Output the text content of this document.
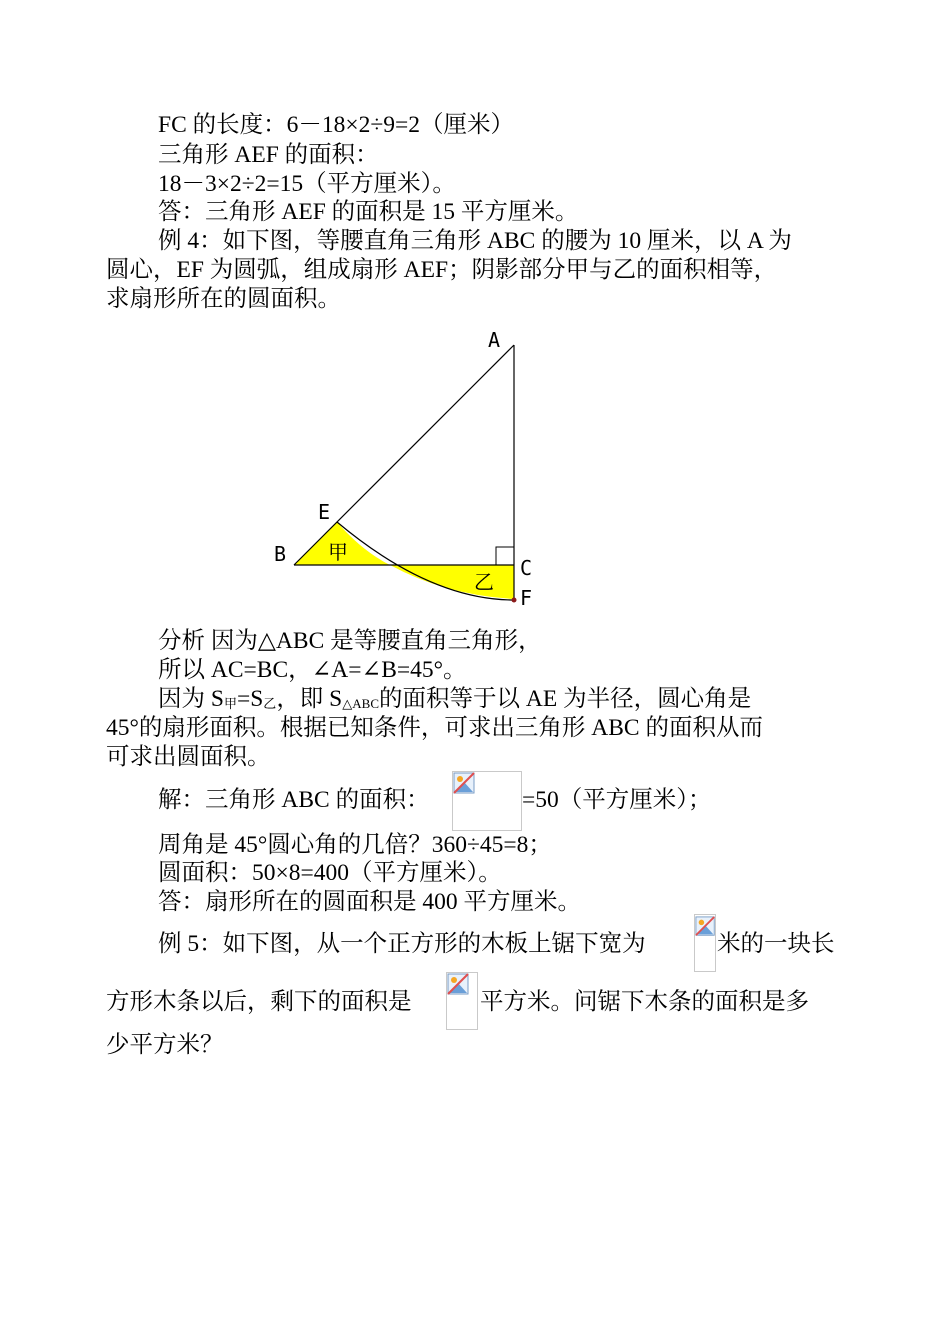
FC 的长度：6－18×2÷9=2（厘米）
三角形 AEF 的面积：
18－3×2÷2=15（平方厘米）。
答：三角形 AEF 的面积是 15 平方厘米。
例 4：如下图，等腰直角三角形 ABC 的腰为 10 厘米，以 A 为
圆心，EF 为圆弧，组成扇形 AEF；阴影部分甲与乙的面积相等，
求扇形所在的圆面积。
A
B
C
E
F
甲
乙
分析 因为△ABC 是等腰直角三角形，
所以 AC=BC，∠A=∠B=45°。
因为 S甲=S乙，即 S△ABC的面积等于以 AE 为半径，圆心角是
45°的扇形面积。根据已知条件，可求出三角形 ABC 的面积从而
可求出圆面积。
解：三角形 ABC 的面积：	=50（平方厘米）；
周角是 45°圆心角的几倍？360÷45=8；
圆面积：50×8=400（平方厘米）。
答：扇形所在的圆面积是 400 平方厘米。
例 5：如下图，从一个正方形的木板上锯下宽为	米的一块长
方形木条以后，剩下的面积是	平方米。问锯下木条的面积是多
少平方米？
